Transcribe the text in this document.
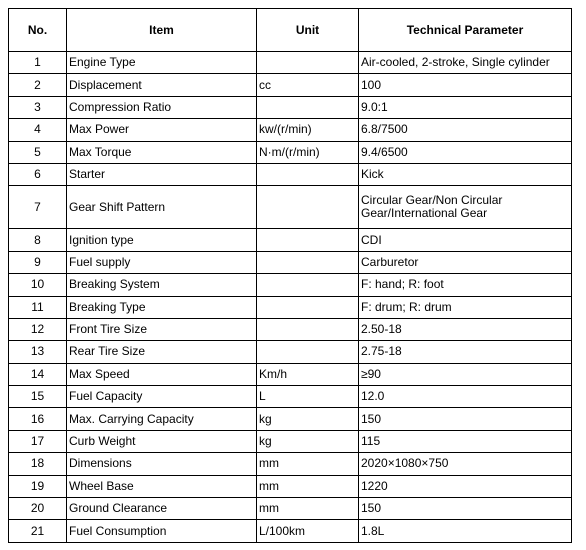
No.	Item	Unit	Technical Parameter
1	Engine Type		Air-cooled, 2-stroke, Single cylinder
2	Displacement	cc	100
3	Compression Ratio		9.0:1
4	Max Power	kw/(r/min)	6.8/7500
5	Max Torque	N·m/(r/min)	9.4/6500
6	Starter		Kick
7	Gear Shift Pattern		Circular Gear/Non Circular Gear/International Gear
8	Ignition type		CDI
9	Fuel supply		Carburetor
10	Breaking System		F: hand; R: foot
11	Breaking Type		F: drum; R: drum
12	Front Tire Size		2.50-18
13	Rear Tire Size		2.75-18
14	Max Speed	Km/h	≥90
15	Fuel Capacity	L	12.0
16	Max. Carrying Capacity	kg	150
17	Curb Weight	kg	115
18	Dimensions	mm	2020×1080×750
19	Wheel Base	mm	1220
20	Ground Clearance	mm	150
21	Fuel Consumption	L/100km	1.8L
